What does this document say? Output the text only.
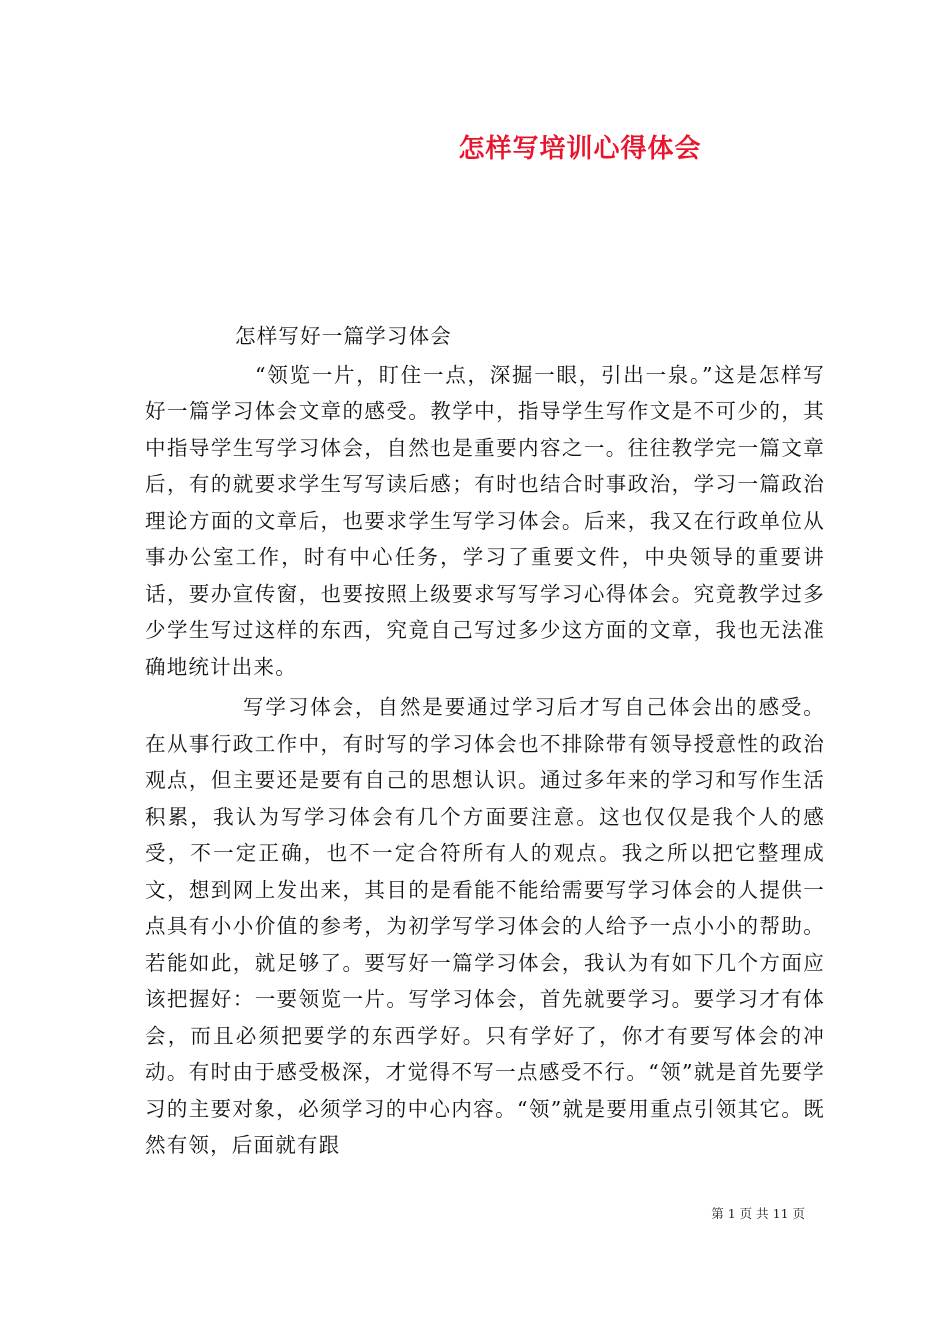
怎样写培训心得体会
怎样写好一篇学习体会

“领览一片，盯住一点，深掘一眼，引出一泉。”这是怎样写好一篇学习体会文章的感受。教学中，指导学生写作文是不可少的，其中指导学生写学习体会，自然也是重要内容之一。往往教学完一篇文章后，有的就要求学生写写读后感；有时也结合时事政治，学习一篇政治理论方面的文章后，也要求学生写学习体会。后来，我又在行政单位从事办公室工作，时有中心任务，学习了重要文件，中央领导的重要讲话，要办宣传窗，也要按照上级要求写写学习心得体会。究竟教学过多少学生写过这样的东西，究竟自己写过多少这方面的文章，我也无法准确地统计出来。

写学习体会，自然是要通过学习后才写自己体会出的感受。在从事行政工作中，有时写的学习体会也不排除带有领导授意性的政治观点，但主要还是要有自己的思想认识。通过多年来的学习和写作生活积累，我认为写学习体会有几个方面要注意。这也仅仅是我个人的感受，不一定正确，也不一定合符所有人的观点。我之所以把它整理成文，想到网上发出来，其目的是看能不能给需要写学习体会的人提供一点具有小小价值的参考，为初学写学习体会的人给予一点小小的帮助。若能如此，就足够了。要写好一篇学习体会，我认为有如下几个方面应该把握好：一要领览一片。写学习体会，首先就要学习。要学习才有体会，而且必须把要学的东西学好。只有学好了，你才有要写体会的冲动。有时由于感受极深，才觉得不写一点感受不行。“领”就是首先要学习的主要对象，必须学习的中心内容。“领”就是要用重点引领其它。既然有领，后面就有跟

第 1 页 共 11 页
